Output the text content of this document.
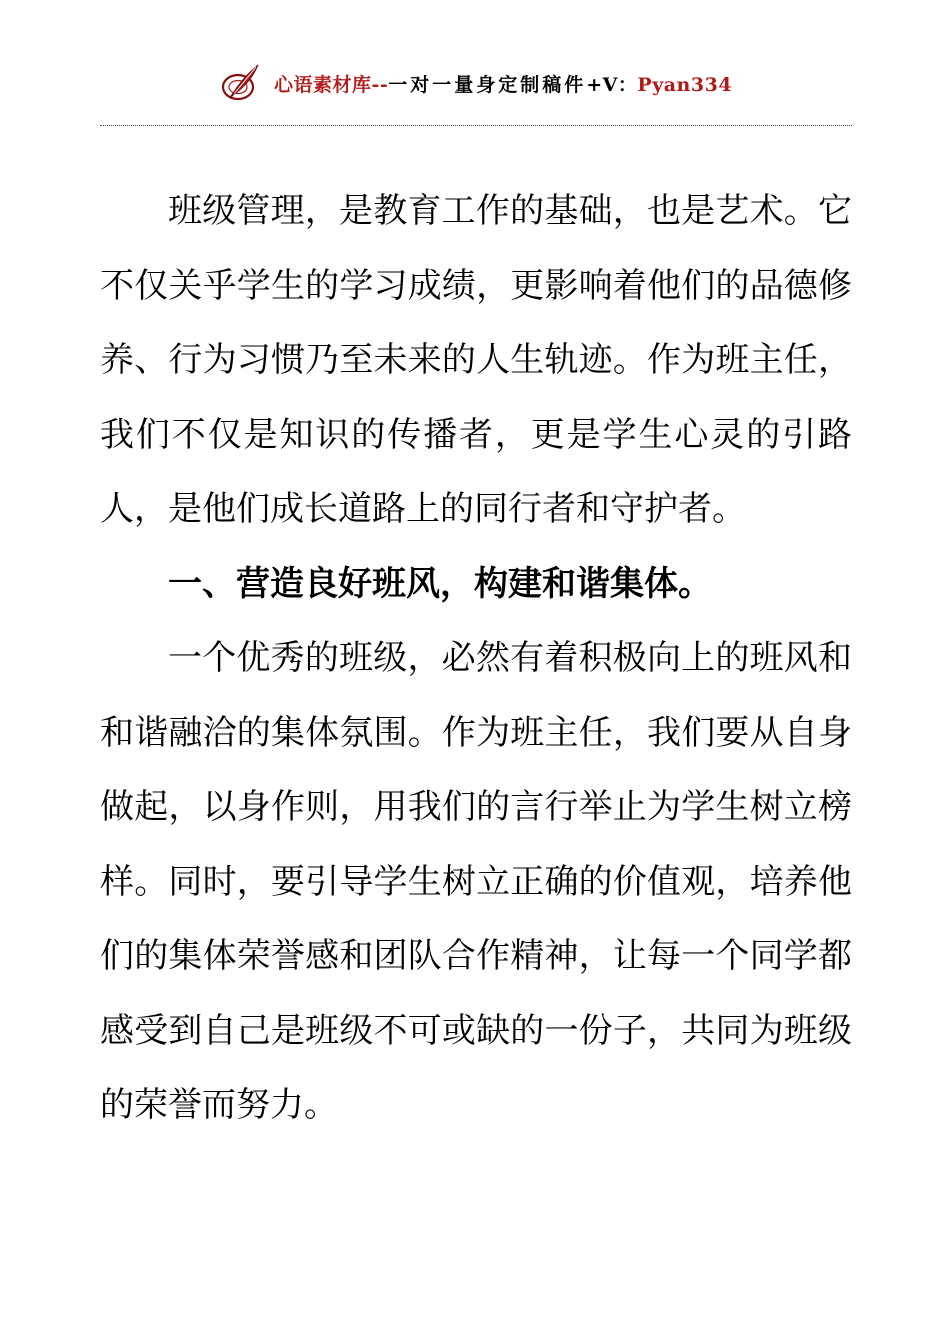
心语素材库--一对一量身定制稿件+V：Pyan334

班级管理，是教育工作的基础，也是艺术。它不仅关乎学生的学习成绩，更影响着他们的品德修养、行为习惯乃至未来的人生轨迹。作为班主任，我们不仅是知识的传播者，更是学生心灵的引路人，是他们成长道路上的同行者和守护者。

一、营造良好班风，构建和谐集体。

一个优秀的班级，必然有着积极向上的班风和和谐融洽的集体氛围。作为班主任，我们要从自身做起，以身作则，用我们的言行举止为学生树立榜样。同时，要引导学生树立正确的价值观，培养他们的集体荣誉感和团队合作精神，让每一个同学都感受到自己是班级不可或缺的一份子，共同为班级的荣誉而努力。
